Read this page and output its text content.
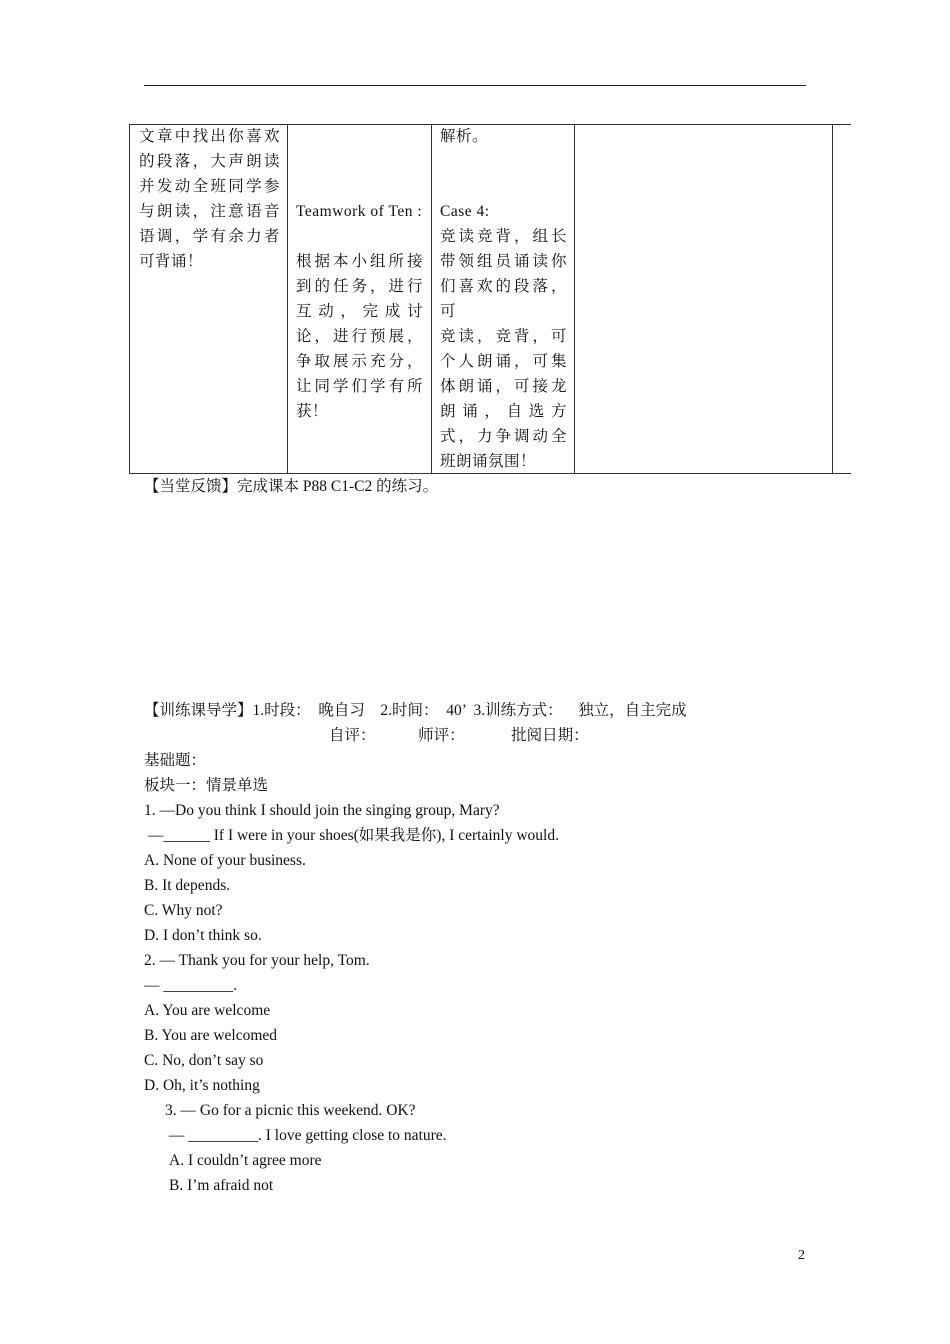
文章中找出你喜欢的段落，大声朗读并发动全班同学参与朗读，注意语音语调，学有余力者可背诵！
Teamwork of Ten :
根据本小组所接到的任务，进行互动，完成讨论，进行预展，争取展示充分，让同学们学有所获！
解析。
Case 4:
竞读竞背，组长带领组员诵读你们喜欢的段落，可
竞读，竞背，可个人朗诵，可集体朗诵，可接龙朗诵，自选方式，力争调动全班朗诵氛围！
【当堂反馈】完成课本 P88 C1-C2 的练习。
【训练课导学】1.时段：  晚自习    2.时间：  40’  3.训练方式：    独立，自主完成
自评：           师评：            批阅日期：
基础题：
板块一：情景单选
1. —Do you think I should join the singing group, Mary?
—______ If I were in your shoes(如果我是你), I certainly would.
A. None of your business.
B. It depends.
C. Why not?
D. I don’t think so.
2. — Thank you for your help, Tom.
— _________.
A. You are welcome
B. You are welcomed
C. No, don’t say so
D. Oh, it’s nothing
3. — Go for a picnic this weekend. OK?
— _________. I love getting close to nature.
A. I couldn’t agree more
B. I’m afraid not
2
